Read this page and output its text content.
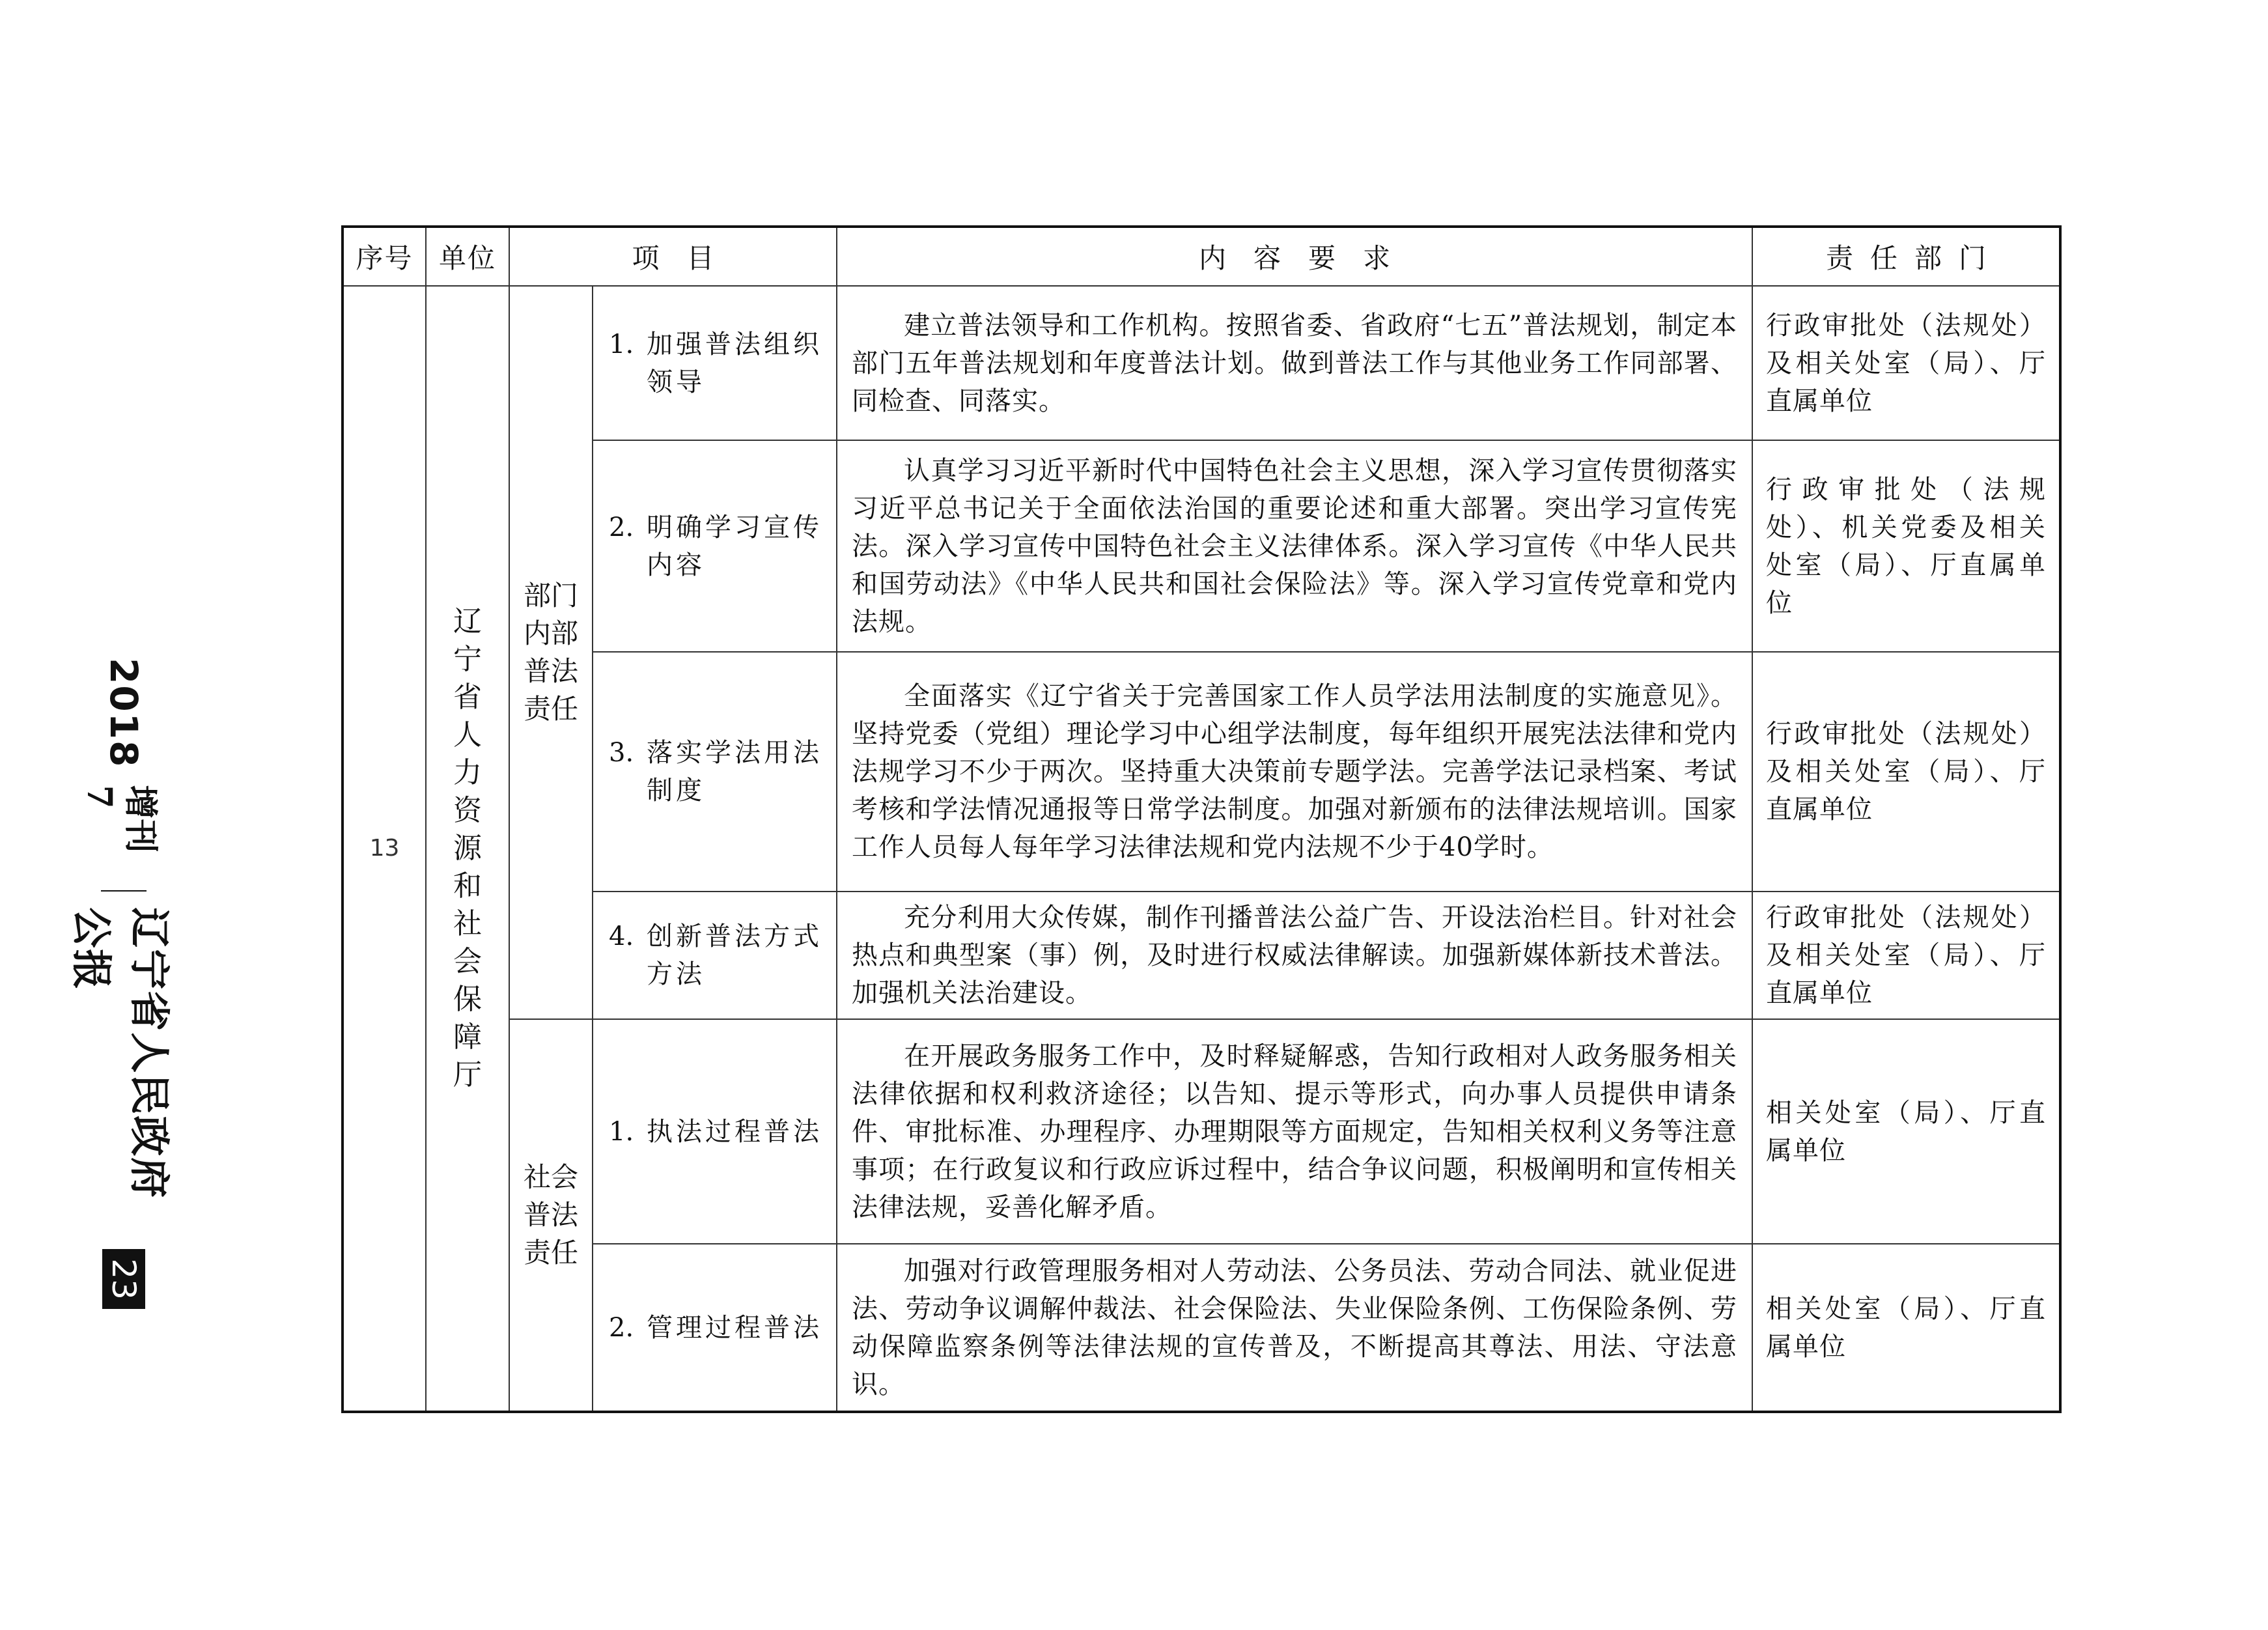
2018
增刊 7
辽宁省人民政府公报
23
序号	单位	项　目		内　容　要　求	责任部门
13	辽宁省人力资源和社会保障厅	部门内部普法责任	1. 加强普法组织领导	建立普法领导和工作机构。按照省委、省政府“七五”普法规划，制定本部门五年普法规划和年度普法计划。做到普法工作与其他业务工作同部署、同检查、同落实。	行政审批处（法规处）及相关处室（局）、厅直属单位
			2. 明确学习宣传内容	认真学习习近平新时代中国特色社会主义思想，深入学习宣传贯彻落实习近平总书记关于全面依法治国的重要论述和重大部署。突出学习宣传宪法。深入学习宣传中国特色社会主义法律体系。深入学习宣传《中华人民共和国劳动法》《中华人民共和国社会保险法》等。深入学习宣传党章和党内法规。	行政审批处（法规处）、机关党委及相关处室（局）、厅直属单位
			3. 落实学法用法制度	全面落实《辽宁省关于完善国家工作人员学法用法制度的实施意见》。坚持党委（党组）理论学习中心组学法制度，每年组织开展宪法法律和党内法规学习不少于两次。坚持重大决策前专题学法。完善学法记录档案、考试考核和学法情况通报等日常学法制度。加强对新颁布的法律法规培训。国家工作人员每人每年学习法律法规和党内法规不少于40学时。	行政审批处（法规处）及相关处室（局）、厅直属单位
			4. 创新普法方式方法	充分利用大众传媒，制作刊播普法公益广告、开设法治栏目。针对社会热点和典型案（事）例，及时进行权威法律解读。加强新媒体新技术普法。加强机关法治建设。	行政审批处（法规处）及相关处室（局）、厅直属单位
		社会普法责任	1. 执法过程普法	在开展政务服务工作中，及时释疑解惑，告知行政相对人政务服务相关法律依据和权利救济途径；以告知、提示等形式，向办事人员提供申请条件、审批标准、办理程序、办理期限等方面规定，告知相关权利义务等注意事项；在行政复议和行政应诉过程中，结合争议问题，积极阐明和宣传相关法律法规，妥善化解矛盾。	相关处室（局）、厅直属单位
			2. 管理过程普法	加强对行政管理服务相对人劳动法、公务员法、劳动合同法、就业促进法、劳动争议调解仲裁法、社会保险法、失业保险条例、工伤保险条例、劳动保障监察条例等法律法规的宣传普及，不断提高其尊法、用法、守法意识。	相关处室（局）、厅直属单位
